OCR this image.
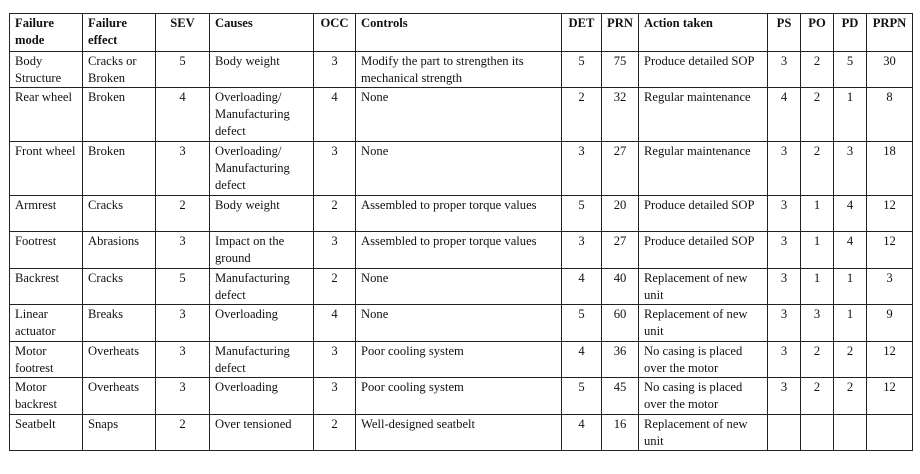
Failure mode	Failure effect	SEV	Causes	OCC	Controls	DET	PRN	Action taken	PS	PO	PD	PRPN
Body Structure	Cracks or Broken	5	Body weight	3	Modify the part to strengthen its mechanical strength	5	75	Produce detailed SOP	3	2	5	30
Rear wheel	Broken	4	Overloading/ Manufacturing defect	4	None	2	32	Regular maintenance	4	2	1	8
Front wheel	Broken	3	Overloading/ Manufacturing defect	3	None	3	27	Regular maintenance	3	2	3	18
Armrest	Cracks	2	Body weight	2	Assembled to proper torque values	5	20	Produce detailed SOP	3	1	4	12
Footrest	Abrasions	3	Impact on the ground	3	Assembled to proper torque values	3	27	Produce detailed SOP	3	1	4	12
Backrest	Cracks	5	Manufacturing defect	2	None	4	40	Replacement of new unit	3	1	1	3
Linear actuator	Breaks	3	Overloading	4	None	5	60	Replacement of new unit	3	3	1	9
Motor footrest	Overheats	3	Manufacturing defect	3	Poor cooling system	4	36	No casing is placed over the motor	3	2	2	12
Motor backrest	Overheats	3	Overloading	3	Poor cooling system	5	45	No casing is placed over the motor	3	2	2	12
Seatbelt	Snaps	2	Over tensioned	2	Well-designed seatbelt	4	16	Replacement of new unit				
